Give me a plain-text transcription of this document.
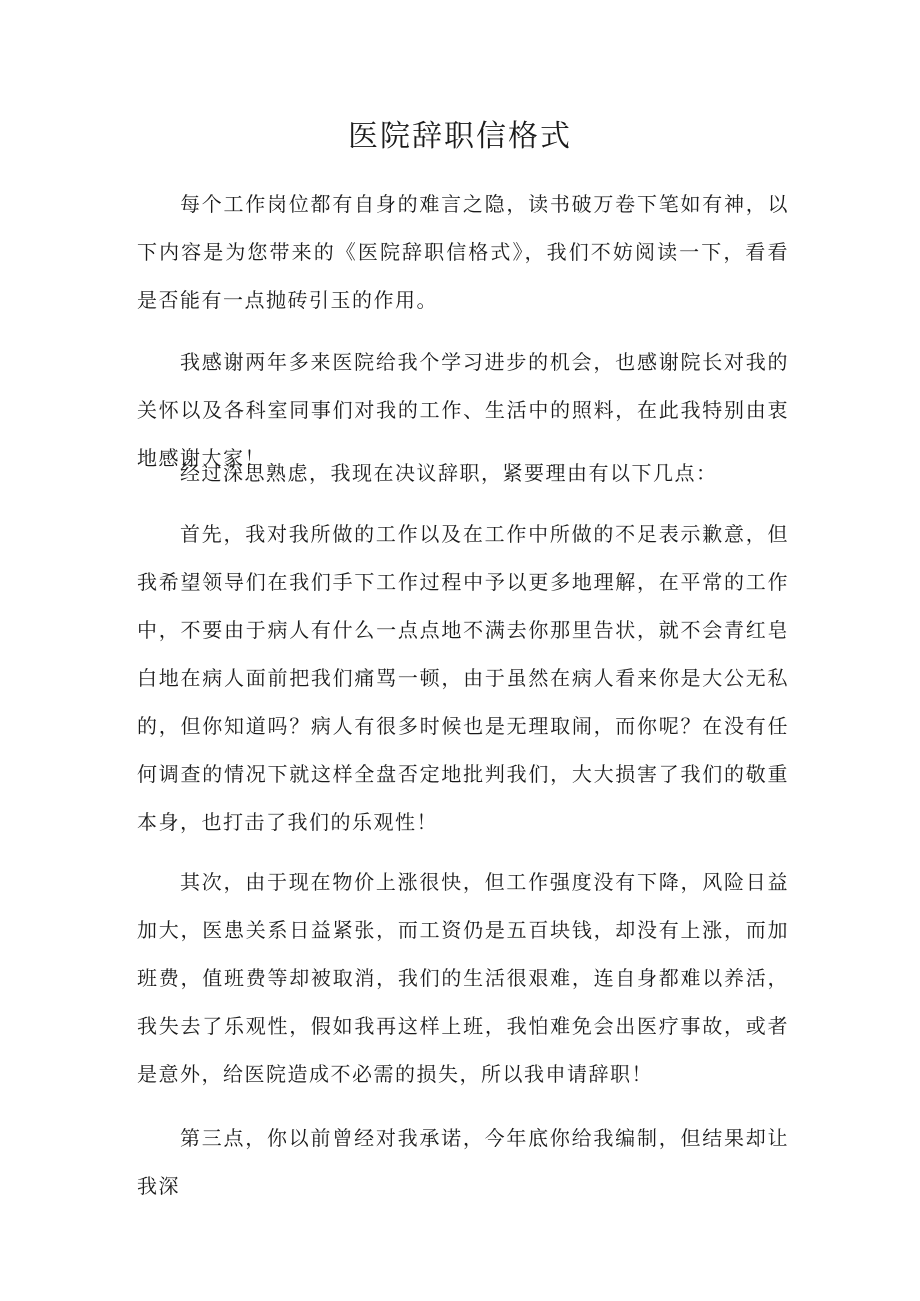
医院辞职信格式

每个工作岗位都有自身的难言之隐，读书破万卷下笔如有神，以下内容是为您带来的《医院辞职信格式》，我们不妨阅读一下，看看是否能有一点抛砖引玉的作用。

我感谢两年多来医院给我个学习进步的机会，也感谢院长对我的关怀以及各科室同事们对我的工作、生活中的照料，在此我特别由衷地感谢大家！

经过深思熟虑，我现在决议辞职，紧要理由有以下几点：

首先，我对我所做的工作以及在工作中所做的不足表示歉意，但我希望领导们在我们手下工作过程中予以更多地理解，在平常的工作中，不要由于病人有什么一点点地不满去你那里告状，就不会青红皂白地在病人面前把我们痛骂一顿，由于虽然在病人看来你是大公无私的，但你知道吗？病人有很多时候也是无理取闹，而你呢？在没有任何调查的情况下就这样全盘否定地批判我们，大大损害了我们的敬重本身，也打击了我们的乐观性！

其次，由于现在物价上涨很快，但工作强度没有下降，风险日益加大，医患关系日益紧张，而工资仍是五百块钱，却没有上涨，而加班费，值班费等却被取消，我们的生活很艰难，连自身都难以养活，我失去了乐观性，假如我再这样上班，我怕难免会出医疗事故，或者是意外，给医院造成不必需的损失，所以我申请辞职！

第三点，你以前曾经对我承诺，今年底你给我编制，但结果却让我深
